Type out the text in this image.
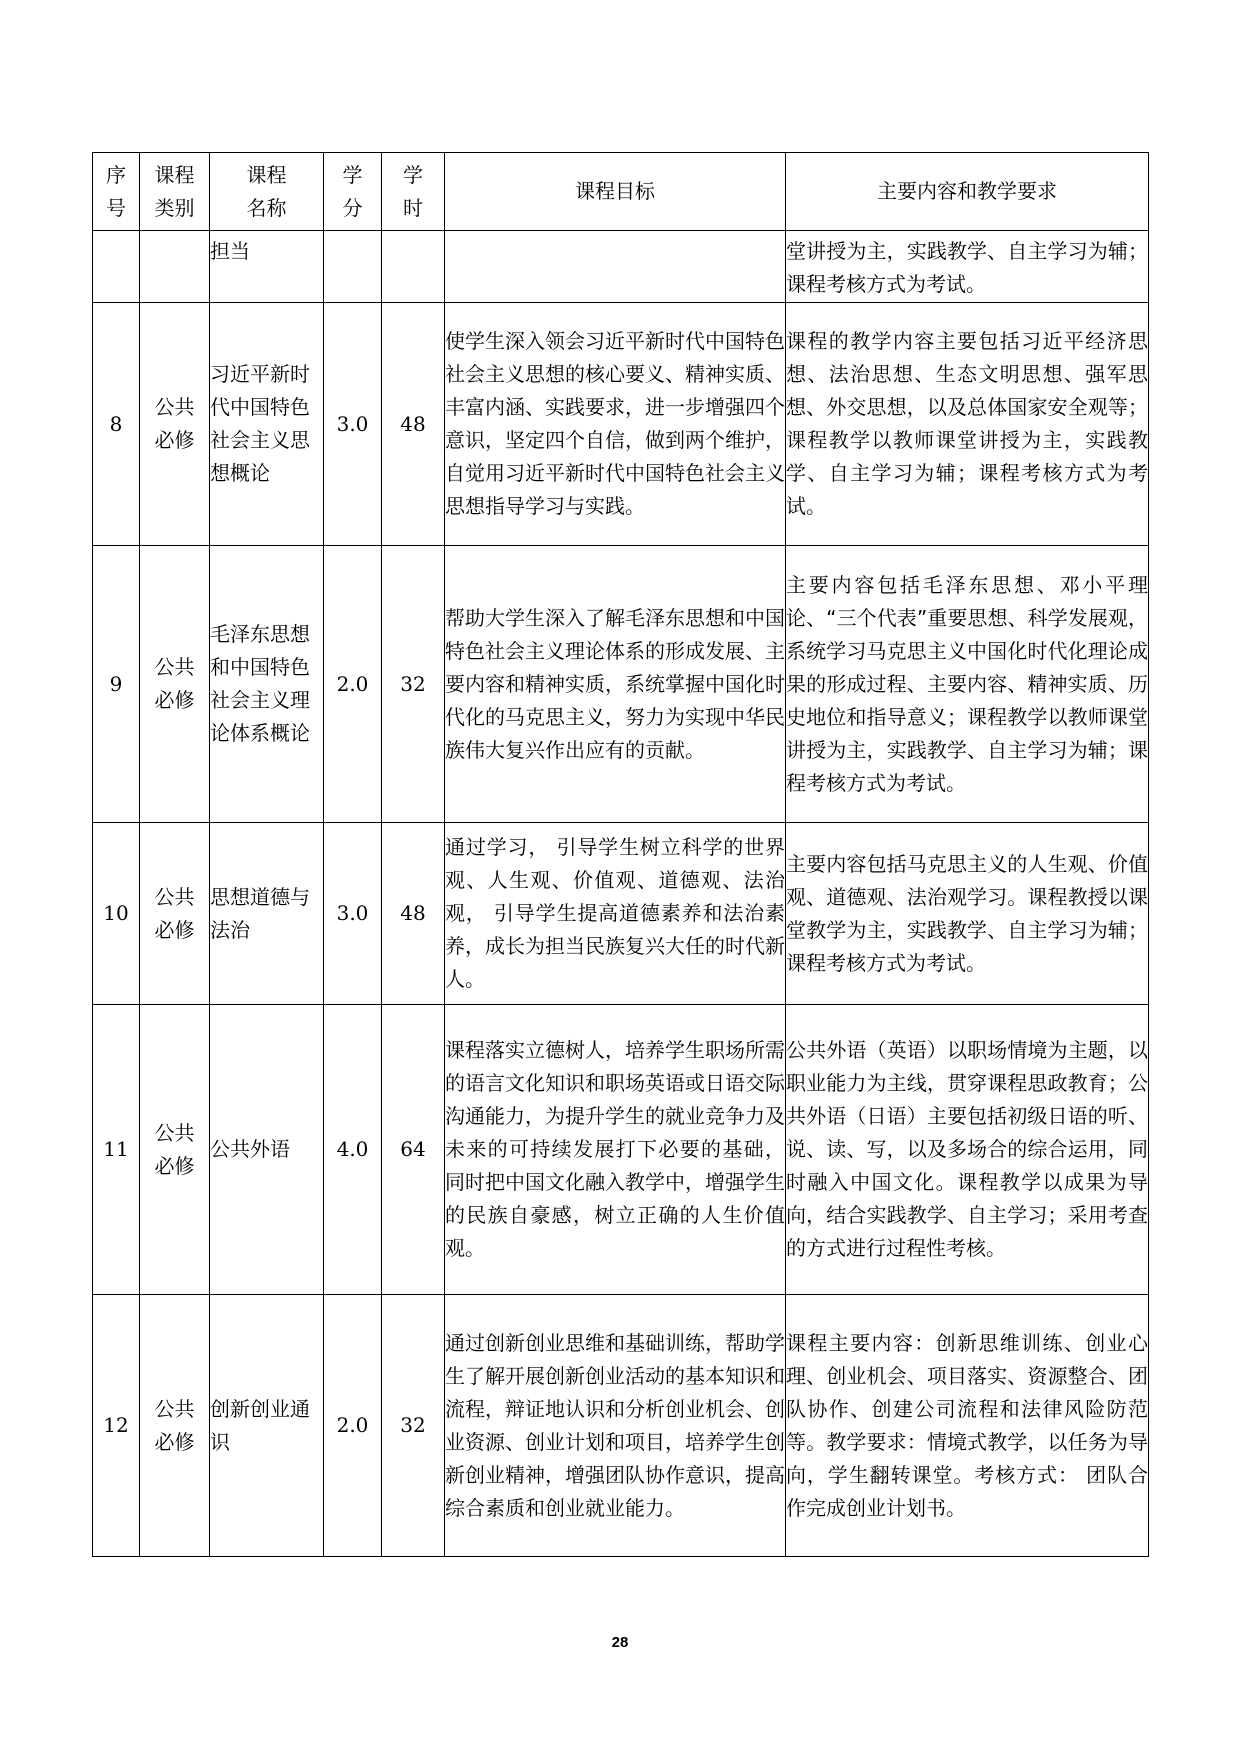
序号	课程类别	课程名称	学分	学时	课程目标	主要内容和教学要求
		担当				堂讲授为主，实践教学、自主学习为辅；课程考核方式为考试。
8	公共必修	习近平新时代中国特色社会主义思想概论	3.0	48	使学生深入领会习近平新时代中国特色社会主义思想的核心要义、精神实质、丰富内涵、实践要求，进一步增强四个意识，坚定四个自信，做到两个维护， 自觉用习近平新时代中国特色社会主义思想指导学习与实践。	课程的教学内容主要包括习近平经济思想、法治思想、生态文明思想、强军思想、外交思想，以及总体国家安全观等；课程教学以教师课堂讲授为主，实践教学、自主学习为辅；课程考核方式为考试。
9	公共必修	毛泽东思想和中国特色社会主义理论体系概论	2.0	32	帮助大学生深入了解毛泽东思想和中国特色社会主义理论体系的形成发展、主要内容和精神实质，系统掌握中国化时代化的马克思主义，努力为实现中华民族伟大复兴作出应有的贡献。	主要内容包括毛泽东思想、邓小平理论、“三个代表”重要思想、科学发展观，系统学习马克思主义中国化时代化理论成果的形成过程、主要内容、精神实质、历史地位和指导意义；课程教学以教师课堂讲授为主，实践教学、自主学习为辅；课程考核方式为考试。
10	公共必修	思想道德与法治	3.0	48	通过学习， 引导学生树立科学的世界观、人生观、价值观、道德观、法治观， 引导学生提高道德素养和法治素养，成长为担当民族复兴大任的时代新人。	主要内容包括马克思主义的人生观、价值观、道德观、法治观学习。课程教授以课堂教学为主，实践教学、自主学习为辅；课程考核方式为考试。
11	公共必修	公共外语	4.0	64	课程落实立德树人，培养学生职场所需的语言文化知识和职场英语或日语交际沟通能力，为提升学生的就业竞争力及未来的可持续发展打下必要的基础， 同时把中国文化融入教学中，增强学生的民族自豪感，树立正确的人生价值观。	公共外语（英语）以职场情境为主题，以职业能力为主线，贯穿课程思政教育；公共外语（日语）主要包括初级日语的听、说、读、写，以及多场合的综合运用，同时融入中国文化。课程教学以成果为导向，结合实践教学、自主学习；采用考查的方式进行过程性考核。
12	公共必修	创新创业通识	2.0	32	通过创新创业思维和基础训练，帮助学生了解开展创新创业活动的基本知识和流程，辩证地认识和分析创业机会、创业资源、创业计划和项目，培养学生创新创业精神，增强团队协作意识，提高综合素质和创业就业能力。	课程主要内容：创新思维训练、创业心理、创业机会、项目落实、资源整合、团队协作、创建公司流程和法律风险防范等。教学要求：情境式教学，以任务为导向，学生翻转课堂。考核方式： 团队合作完成创业计划书。
28
